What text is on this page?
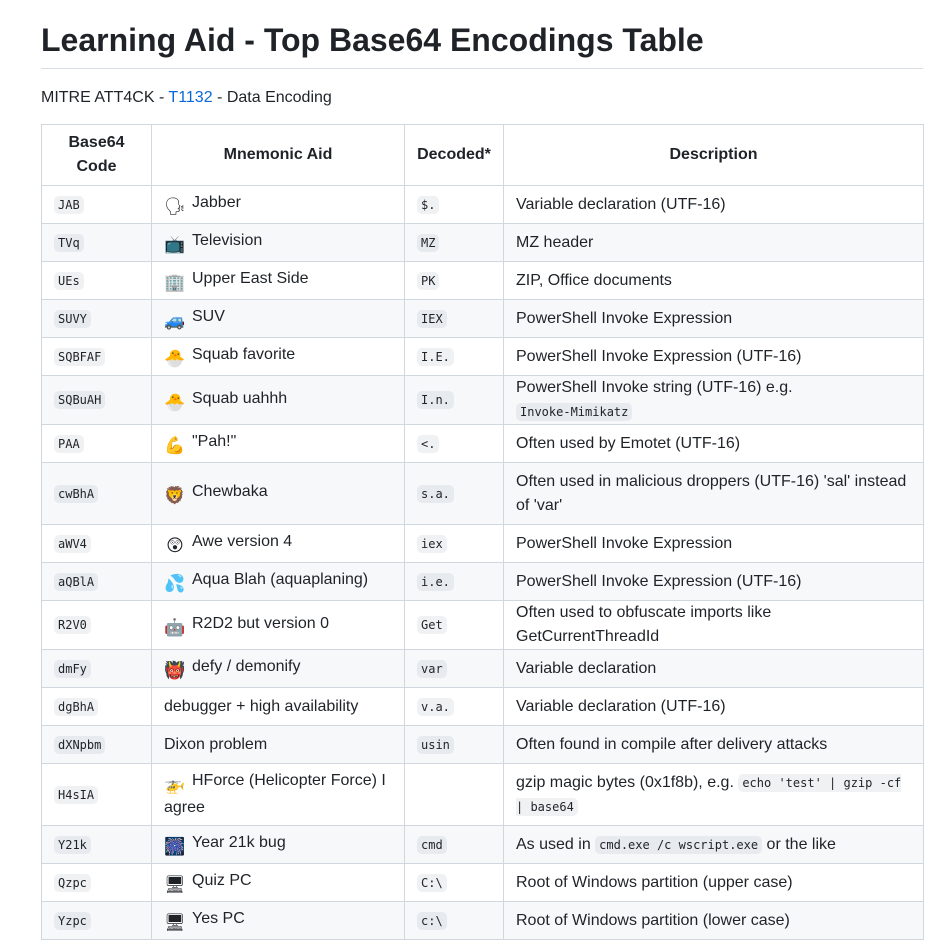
Learning Aid - Top Base64 Encodings Table

MITRE ATT4CK - T1132 - Data Encoding

Base64 Code	Mnemonic Aid	Decoded*	Description
JAB	🗣 Jabber	$.	Variable declaration (UTF-16)
TVq	📺 Television	MZ	MZ header
UEs	🏢 Upper East Side	PK	ZIP, Office documents
SUVY	🚙 SUV	IEX	PowerShell Invoke Expression
SQBFAF	🐣 Squab favorite	I.E.	PowerShell Invoke Expression (UTF-16)
SQBuAH	🐣 Squab uahhh	I.n.	PowerShell Invoke string (UTF-16) e.g. Invoke-Mimikatz
PAA	💪 "Pah!"	<.	Often used by Emotet (UTF-16)
cwBhA	🦁 Chewbaka	s.a.	Often used in malicious droppers (UTF-16) 'sal' instead of 'var'
aWV4	😲 Awe version 4	iex	PowerShell Invoke Expression
aQBlA	💦 Aqua Blah (aquaplaning)	i.e.	PowerShell Invoke Expression (UTF-16)
R2V0	🤖 R2D2 but version 0	Get	Often used to obfuscate imports like GetCurrentThreadId
dmFy	👹 defy / demonify	var	Variable declaration
dgBhA	debugger + high availability	v.a.	Variable declaration (UTF-16)
dXNpbm	Dixon problem	usin	Often found in compile after delivery attacks
H4sIA	🚁 HForce (Helicopter Force) I agree		gzip magic bytes (0x1f8b), e.g. echo 'test' | gzip -cf | base64
Y21k	🎆 Year 21k bug	cmd	As used in cmd.exe /c wscript.exe or the like
Qzpc	🖥 Quiz PC	C:\	Root of Windows partition (upper case)
Yzpc	🖥 Yes PC	c:\	Root of Windows partition (lower case)
